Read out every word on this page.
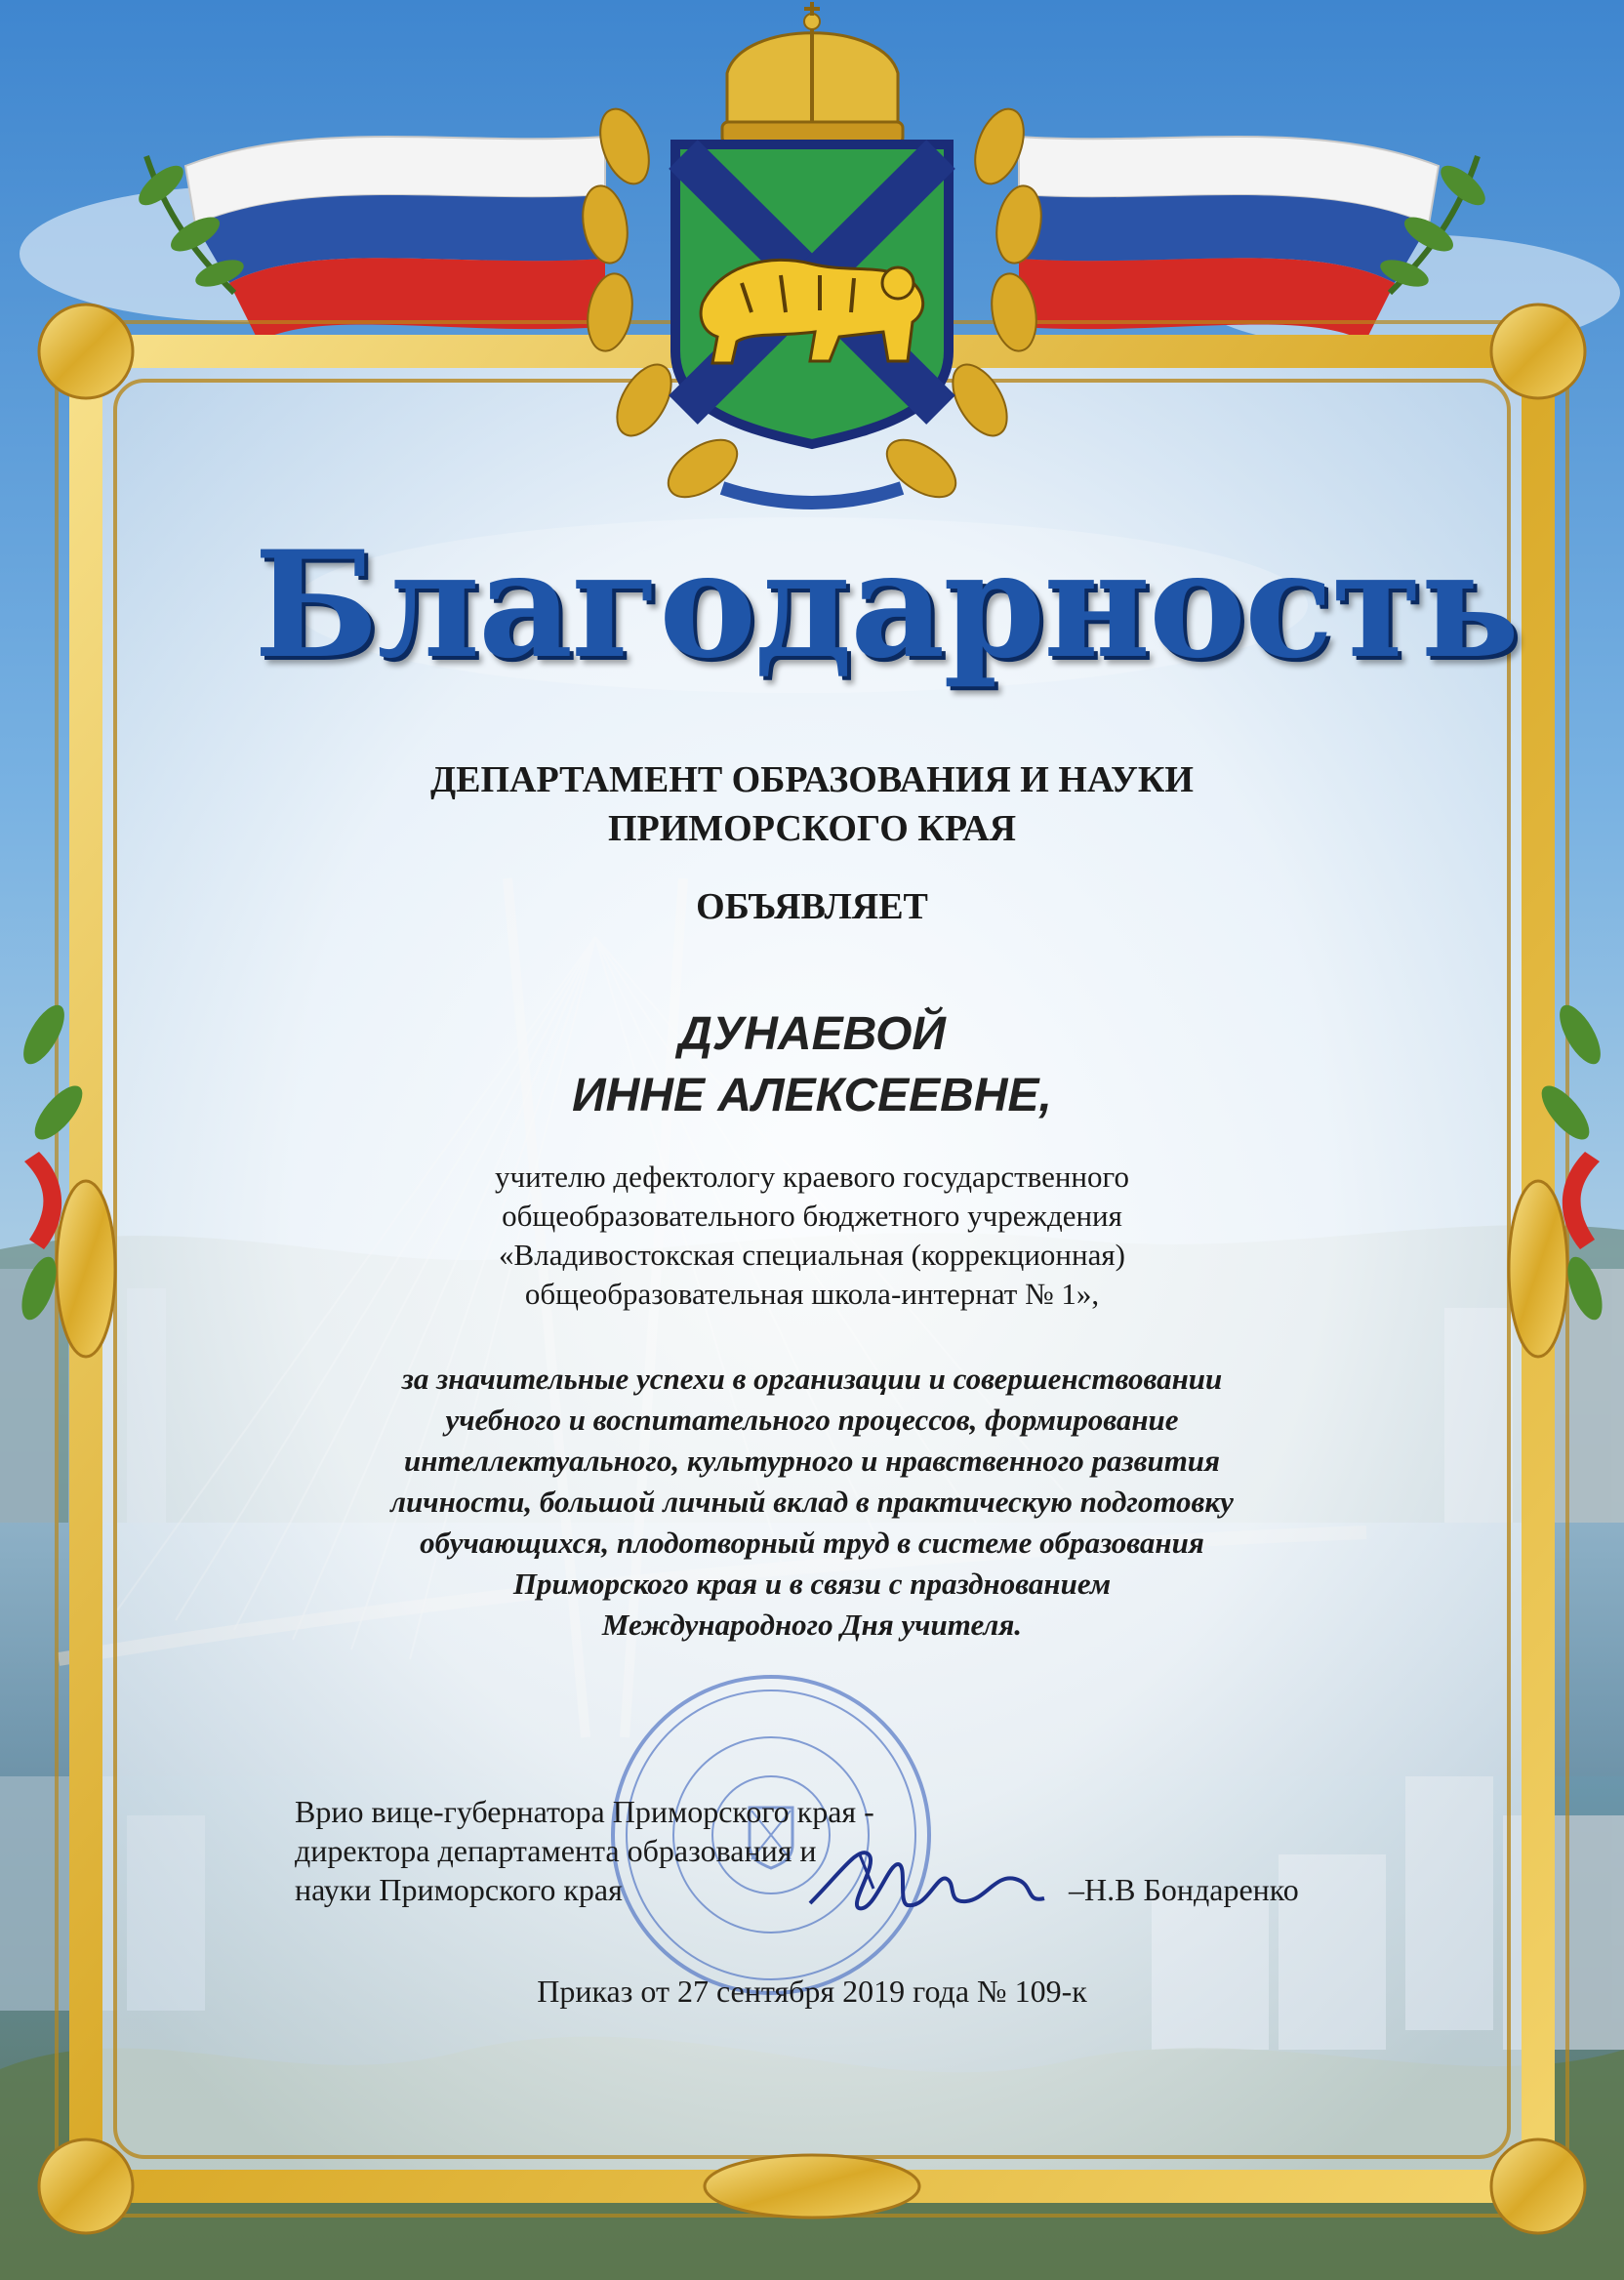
Благодарность
ДЕПАРТАМЕНТ ОБРАЗОВАНИЯ И НАУКИ
ПРИМОРСКОГО КРАЯ
ОБЪЯВЛЯЕТ
ДУНАЕВОЙ
ИННЕ АЛЕКСЕЕВНЕ,
учителю дефектологу краевого государственного
общеобразовательного бюджетного учреждения
«Владивостокская специальная (коррекционная)
общеобразовательная школа-интернат № 1»,
за значительные успехи в организации и совершенствовании
учебного и воспитательного процессов, формирование
интеллектуального, культурного и нравственного развития
личности, большой личный вклад в практическую подготовку
обучающихся, плодотворный труд в системе образования
Приморского края и в связи с празднованием
Международного Дня учителя.
Врио вице-губернатора Приморского края -
директора департамента образования и
науки Приморского края	–Н.В Бондаренко
Приказ от 27 сентября 2019 года № 109-к
